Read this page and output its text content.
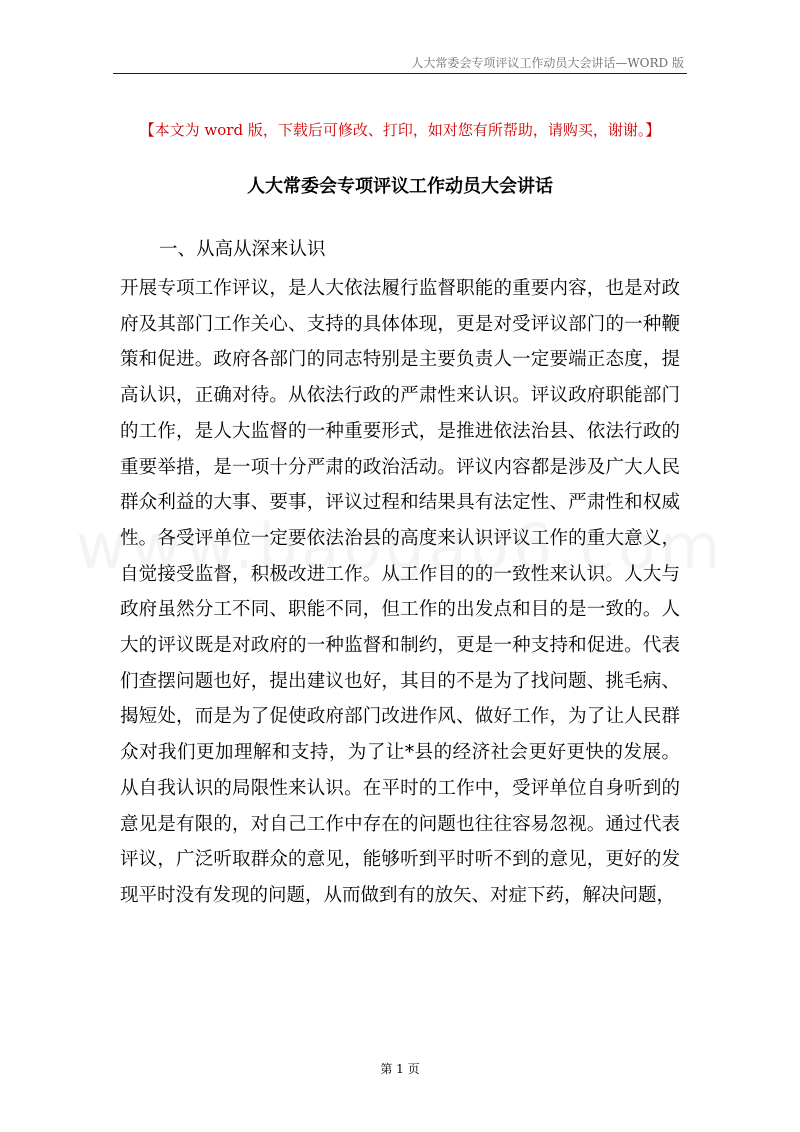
人大常委会专项评议工作动员大会讲话—WORD 版
【本文为 word 版，下载后可修改、打印，如对您有所帮助，请购买，谢谢。】
人大常委会专项评议工作动员大会讲话
一、从高从深来认识

开展专项工作评议，是人大依法履行监督职能的重要内容，也是对政府及其部门工作关心、支持的具体体现，更是对受评议部门的一种鞭策和促进。政府各部门的同志特别是主要负责人一定要端正态度，提高认识，正确对待。从依法行政的严肃性来认识。评议政府职能部门的工作，是人大监督的一种重要形式，是推进依法治县、依法行政的重要举措，是一项十分严肃的政治活动。评议内容都是涉及广大人民群众利益的大事、要事，评议过程和结果具有法定性、严肃性和权威性。各受评单位一定要依法治县的高度来认识评议工作的重大意义，自觉接受监督，积极改进工作。从工作目的的一致性来认识。人大与政府虽然分工不同、职能不同，但工作的出发点和目的是一致的。人大的评议既是对政府的一种监督和制约，更是一种支持和促进。代表们查摆问题也好，提出建议也好，其目的不是为了找问题、挑毛病、揭短处，而是为了促使政府部门改进作风、做好工作，为了让人民群众对我们更加理解和支持，为了让*县的经济社会更好更快的发展。从自我认识的局限性来认识。在平时的工作中，受评单位自身听到的意见是有限的，对自己工作中存在的问题也往往容易忽视。通过代表评议，广泛听取群众的意见，能够听到平时听不到的意见，更好的发现平时没有发现的问题，从而做到有的放矢、对症下药，解决问题，

第 1 页
